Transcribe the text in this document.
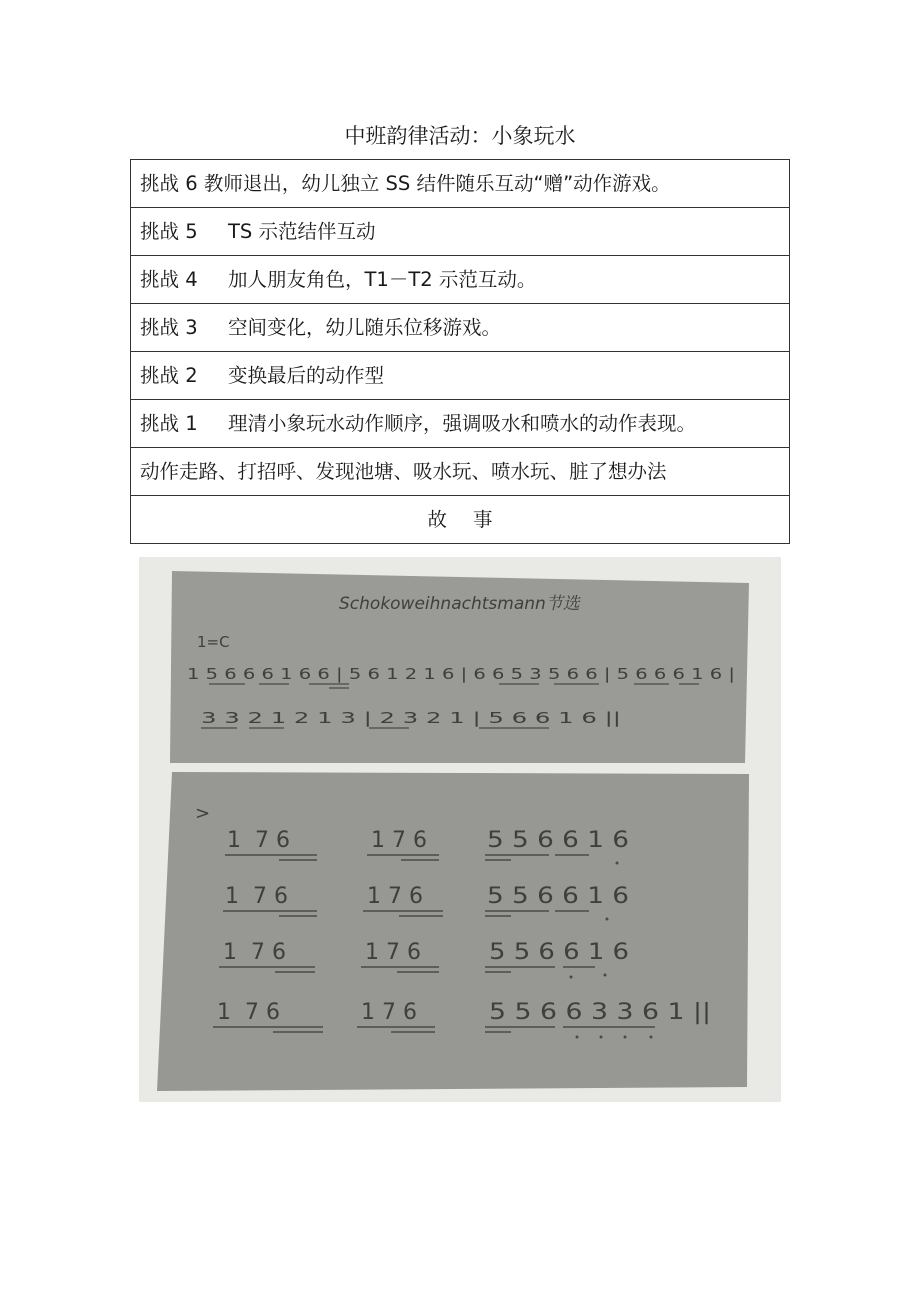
中班韵律活动：小象玩水
挑战 6 教师退出，幼儿独立 SS 结件随乐互动“赠”动作游戏。
挑战 5 TS 示范结伴互动
挑战 4 加人朋友角色，T1－T2 示范互动。
挑战 3 空间变化，幼儿随乐位移游戏。
挑战 2 变换最后的动作型
挑战 1 理清小象玩水动作顺序，强调吸水和喷水的动作表现。
动作走路、打招呼、发现池塘、吸水玩、喷水玩、脏了想办法
故事
Schokoweihnachtsmann节选
1=C
1 5 6 6 6 1 6 6 | 5 6 1 2 1 6 | 6 6 5 3 5 6 6 | 5 6 6 6 1 6 |
3 3 2 1 2 1 3 | 2 3 2 1 | 5 6 6 1 6 ||
>
1  7 6	1 7 6	5 5 6 6 1 6
1  7 6	1 7 6	5 5 6 6 1 6
1  7 6	1 7 6	5 5 6 6 1 6
1  7 6	1 7 6	5 5 6 6 3 3 6 1 ||
